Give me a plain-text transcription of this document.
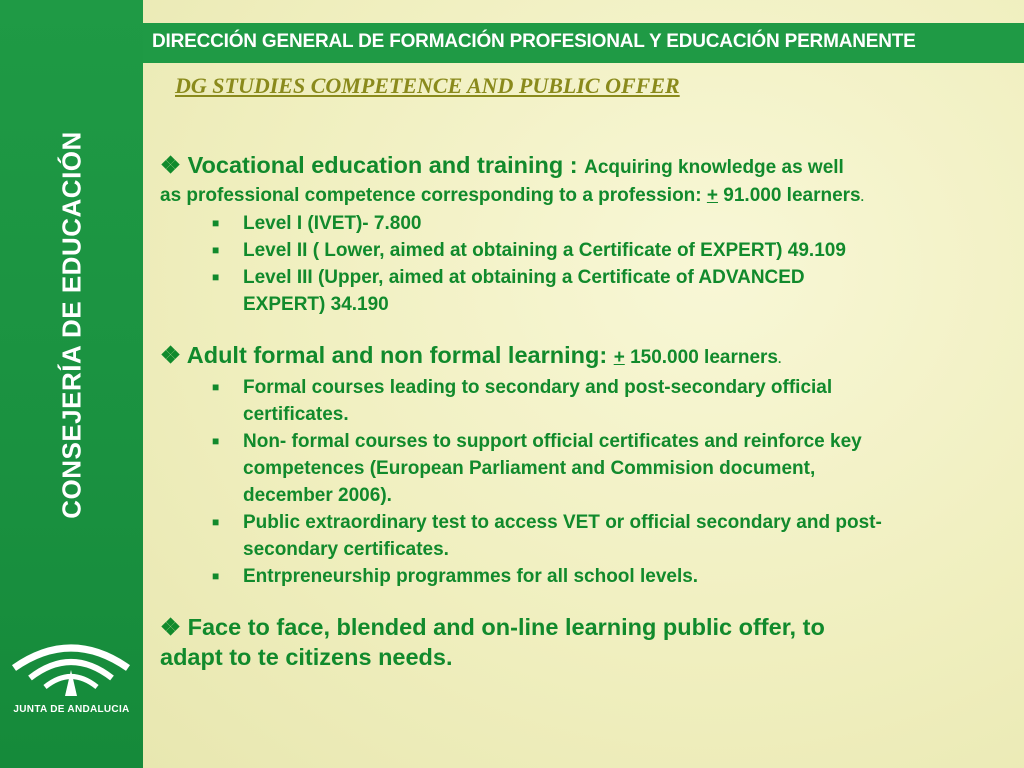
CONSEJERÍA DE EDUCACIÓN
JUNTA DE ANDALUCIA
DIRECCIÓN GENERAL DE FORMACIÓN PROFESIONAL Y EDUCACIÓN PERMANENTE
DG STUDIES COMPETENCE AND PUBLIC OFFER
❖ Vocational education and training : Acquiring knowledge as well
as professional competence corresponding to a profession: + 91.000 learners.
■ Level I (IVET)- 7.800
■ Level II ( Lower, aimed at obtaining a Certificate of EXPERT) 49.109
■ Level III (Upper, aimed at obtaining a Certificate of ADVANCED
EXPERT) 34.190
❖ Adult formal and non formal learning: + 150.000 learners.
■ Formal courses leading to secondary and post-secondary official
certificates.
■ Non- formal courses to support official certificates and reinforce key
competences (European Parliament and Commision document,
december 2006).
■ Public extraordinary test to access VET or official secondary and post-
secondary certificates.
■ Entrpreneurship programmes for all school levels.
❖ Face to face, blended and on-line learning public offer, to
adapt to te citizens needs.
